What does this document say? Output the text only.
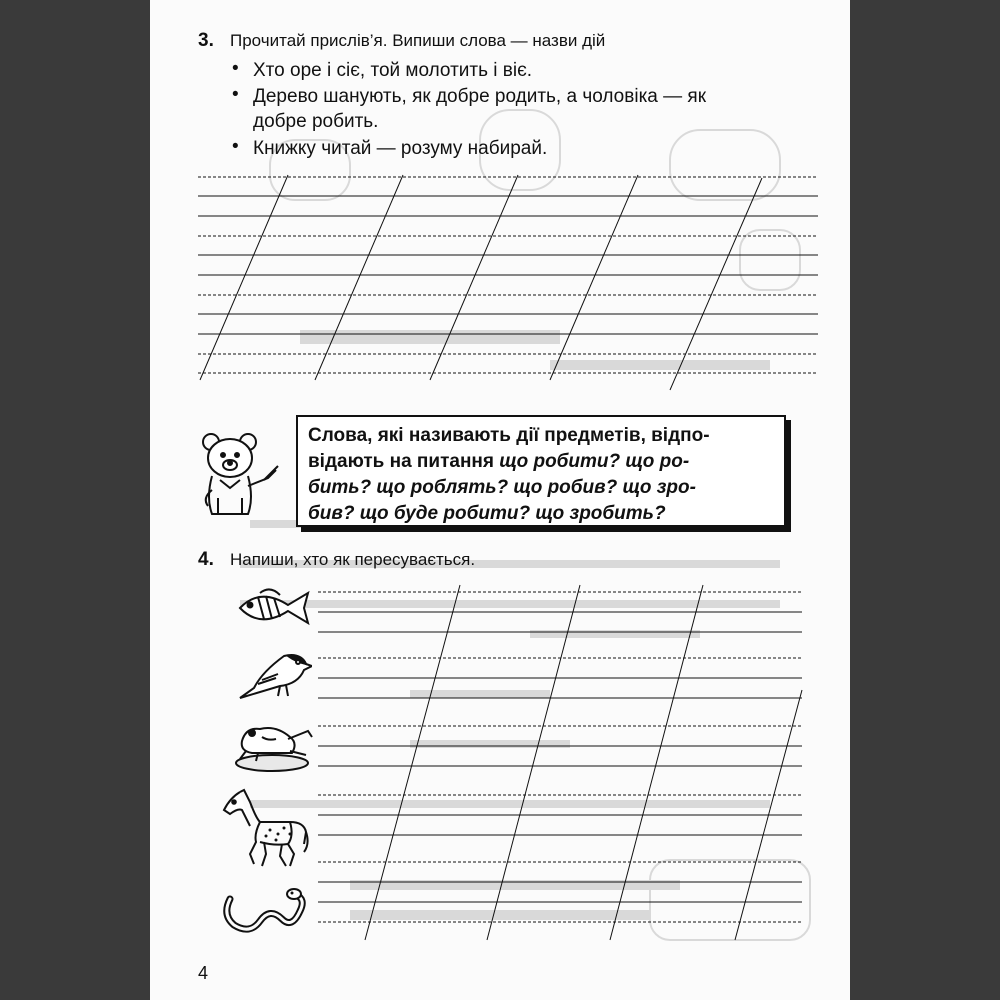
3. Прочитай прислів’я. Випиши слова — назви дій
• Хто оре і сіє, той молотить і віє.
• Дерево шанують, як добре родить, а чоловіка — як
добре робить.
• Книжку читай — розуму набирай.
Слова, які називають дії предметів, відпо-
відають на питання що робити? що ро-
бить? що роблять? що робив? що зро-
бив? що буде робити? що зробить?
4. Напиши, хто як пересувається.
4
